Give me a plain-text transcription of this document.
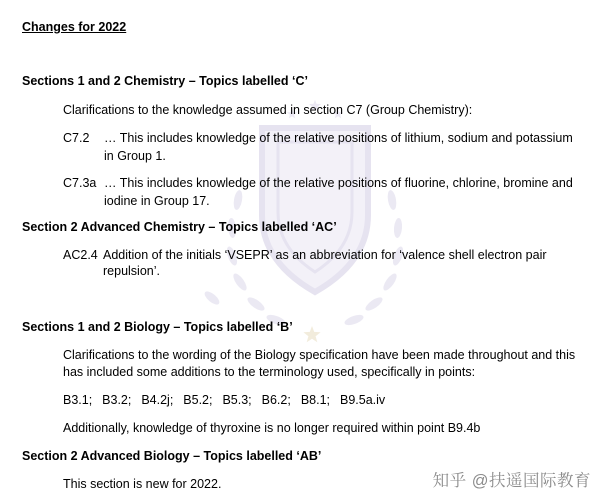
Changes for 2022
Sections 1 and 2 Chemistry – Topics labelled ‘C’
Clarifications to the knowledge assumed in section C7 (Group Chemistry):
C7.2	… This includes knowledge of the relative positions of lithium, sodium and potassium
in Group 1.
C7.3a … This includes knowledge of the relative positions of fluorine, chlorine, bromine and
iodine in Group 17.
Section 2 Advanced Chemistry – Topics labelled ‘AC’
AC2.4 Addition of the initials ‘VSEPR’ as an abbreviation for ‘valence shell electron pair
repulsion’.
Sections 1 and 2 Biology – Topics labelled ‘B’
Clarifications to the wording of the Biology specification have been made throughout and this
has included some additions to the terminology used, specifically in points:
B3.1; B3.2; B4.2j; B5.2; B5.3; B6.2; B8.1; B9.5a.iv
Additionally, knowledge of thyroxine is no longer required within point B9.4b
Section 2 Advanced Biology – Topics labelled ‘AB’
This section is new for 2022.	知乎 @扶遥国际教育
